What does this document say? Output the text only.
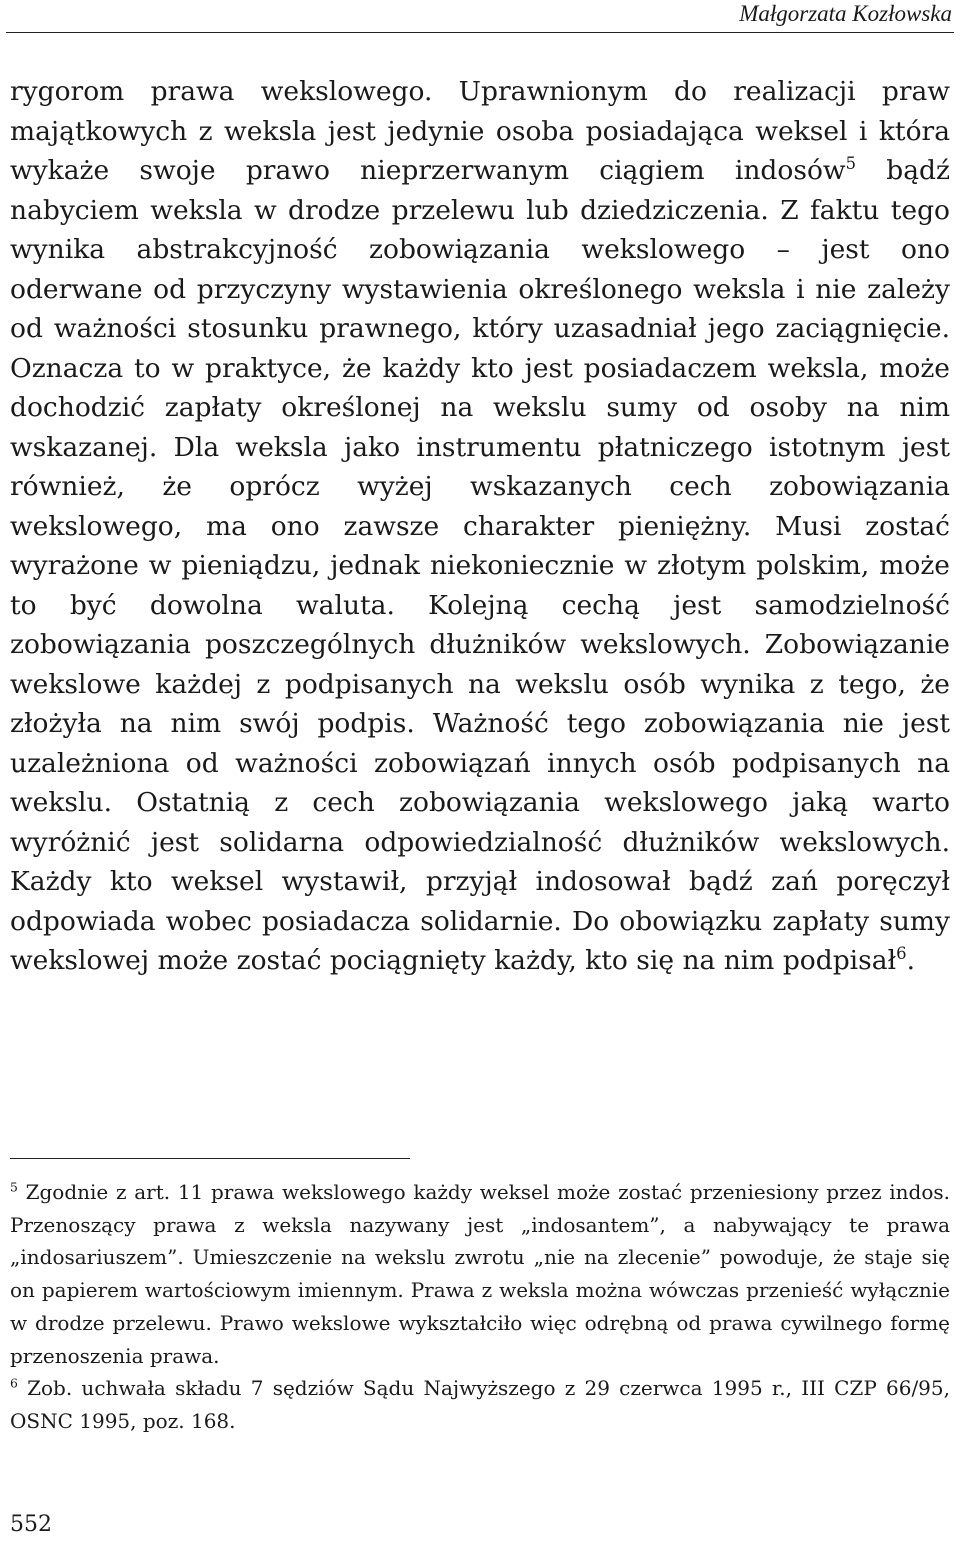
Małgorzata Kozłowska

rygorom prawa wekslowego. Uprawnionym do realizacji praw majątkowych z weksla jest jedynie osoba posiadająca weksel i która wykaże swoje prawo nieprzerwanym ciągiem indosów$^5$ bądź nabyciem weksla w drodze przelewu lub dziedziczenia. Z faktu tego wynika abstrakcyjność zobowiązania wekslowego – jest ono oderwane od przyczyny wystawienia określonego weksla i nie zależy od ważności stosunku prawnego, który uzasadniał jego zaciągnięcie. Oznacza to w praktyce, że każdy kto jest posiadaczem weksla, może dochodzić zapłaty określonej na wekslu sumy od osoby na nim wskazanej. Dla weksla jako instrumentu płatniczego istotnym jest również, że oprócz wyżej wskazanych cech zobowiązania wekslowego, ma ono zawsze charakter pieniężny. Musi zostać wyrażone w pieniądzu, jednak niekoniecznie w złotym polskim, może to być dowolna waluta. Kolejną cechą jest samodzielność zobowiązania poszczególnych dłużników wekslowych. Zobowiązanie wekslowe każdej z podpisanych na wekslu osób wynika z tego, że złożyła na nim swój podpis. Ważność tego zobowiązania nie jest uzależniona od ważności zobowiązań innych osób podpisanych na wekslu. Ostatnią z cech zobowiązania wekslowego jaką warto wyróżnić jest solidarna odpowiedzialność dłużników wekslowych. Każdy kto weksel wystawił, przyjął indosował bądź zań poręczył odpowiada wobec posiadacza solidarnie. Do obowiązku zapłaty sumy wekslowej może zostać pociągnięty każdy, kto się na nim podpisał$^6$.

$^5$ Zgodnie z art. 11 prawa wekslowego każdy weksel może zostać przeniesiony przez indos. Przenoszący prawa z weksla nazywany jest „indosantem”, a nabywający te prawa „indosariuszem”. Umieszczenie na wekslu zwrotu „nie na zlecenie” powoduje, że staje się on papierem wartościowym imiennym. Prawa z weksla można wówczas przenieść wyłącznie w drodze przelewu. Prawo wekslowe wykształciło więc odrębną od prawa cywilnego formę przenoszenia prawa.

$^6$ Zob. uchwała składu 7 sędziów Sądu Najwyższego z 29 czerwca 1995 r., III CZP 66/95, OSNC 1995, poz. 168.

552
